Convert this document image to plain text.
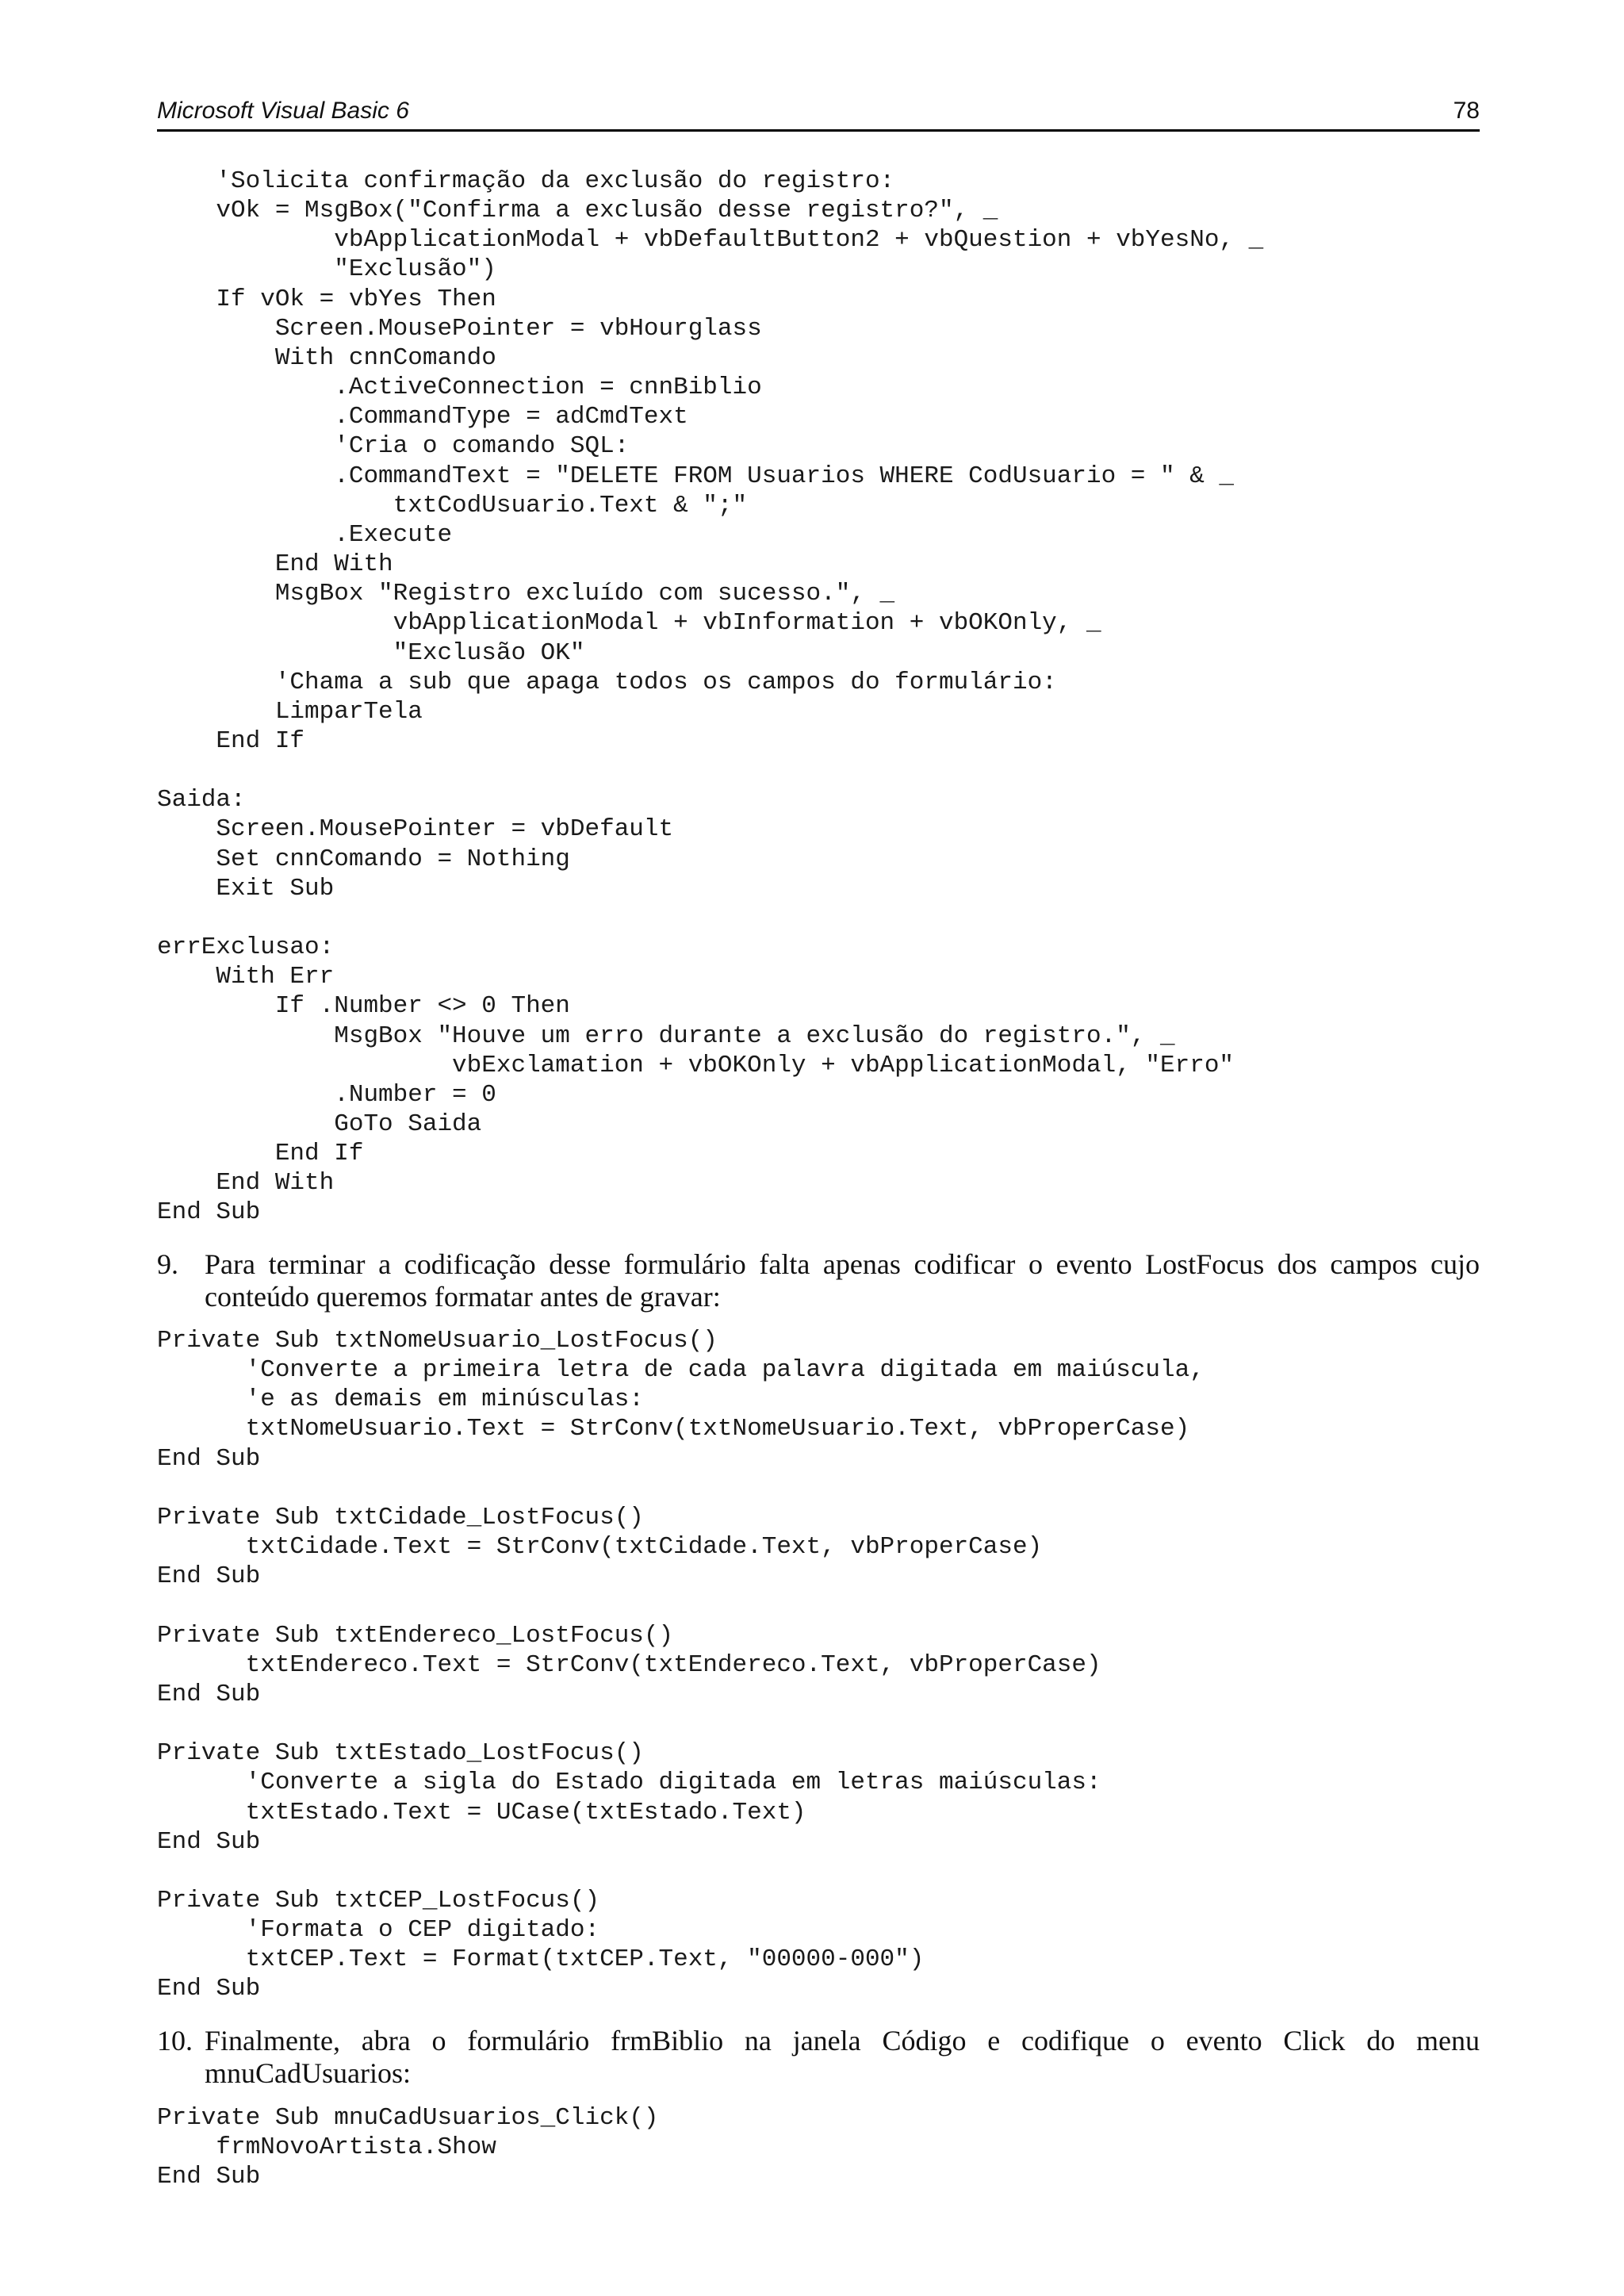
Microsoft Visual Basic 6	78
'Solicita confirmação da exclusão do registro:
vOk = MsgBox("Confirma a exclusão desse registro?", _
vbApplicationModal + vbDefaultButton2 + vbQuestion + vbYesNo, _
"Exclusão")
If vOk = vbYes Then
Screen.MousePointer = vbHourglass
With cnnComando
.ActiveConnection = cnnBiblio
.CommandType = adCmdText
'Cria o comando SQL:
.CommandText = "DELETE FROM Usuarios WHERE CodUsuario = " & _
txtCodUsuario.Text & ";"
.Execute
End With
MsgBox "Registro excluído com sucesso.", _
vbApplicationModal + vbInformation + vbOKOnly, _
"Exclusão OK"
'Chama a sub que apaga todos os campos do formulário:
LimparTela
End If

Saida:
Screen.MousePointer = vbDefault
Set cnnComando = Nothing
Exit Sub

errExclusao:
With Err
If .Number <> 0 Then
MsgBox "Houve um erro durante a exclusão do registro.", _
vbExclamation + vbOKOnly + vbApplicationModal, "Erro"
.Number = 0
GoTo Saida
End If
End With
End Sub
9. Para terminar a codificação desse formulário falta apenas codificar o evento LostFocus dos campos cujo conteúdo queremos formatar antes de gravar:
Private Sub txtNomeUsuario_LostFocus()
'Converte a primeira letra de cada palavra digitada em maiúscula,
'e as demais em minúsculas:
txtNomeUsuario.Text = StrConv(txtNomeUsuario.Text, vbProperCase)
End Sub

Private Sub txtCidade_LostFocus()
txtCidade.Text = StrConv(txtCidade.Text, vbProperCase)
End Sub

Private Sub txtEndereco_LostFocus()
txtEndereco.Text = StrConv(txtEndereco.Text, vbProperCase)
End Sub

Private Sub txtEstado_LostFocus()
'Converte a sigla do Estado digitada em letras maiúsculas:
txtEstado.Text = UCase(txtEstado.Text)
End Sub

Private Sub txtCEP_LostFocus()
'Formata o CEP digitado:
txtCEP.Text = Format(txtCEP.Text, "00000-000")
End Sub
10. Finalmente, abra o formulário frmBiblio na janela Código e codifique o evento Click do menu mnuCadUsuarios:
Private Sub mnuCadUsuarios_Click()
frmNovoArtista.Show
End Sub
